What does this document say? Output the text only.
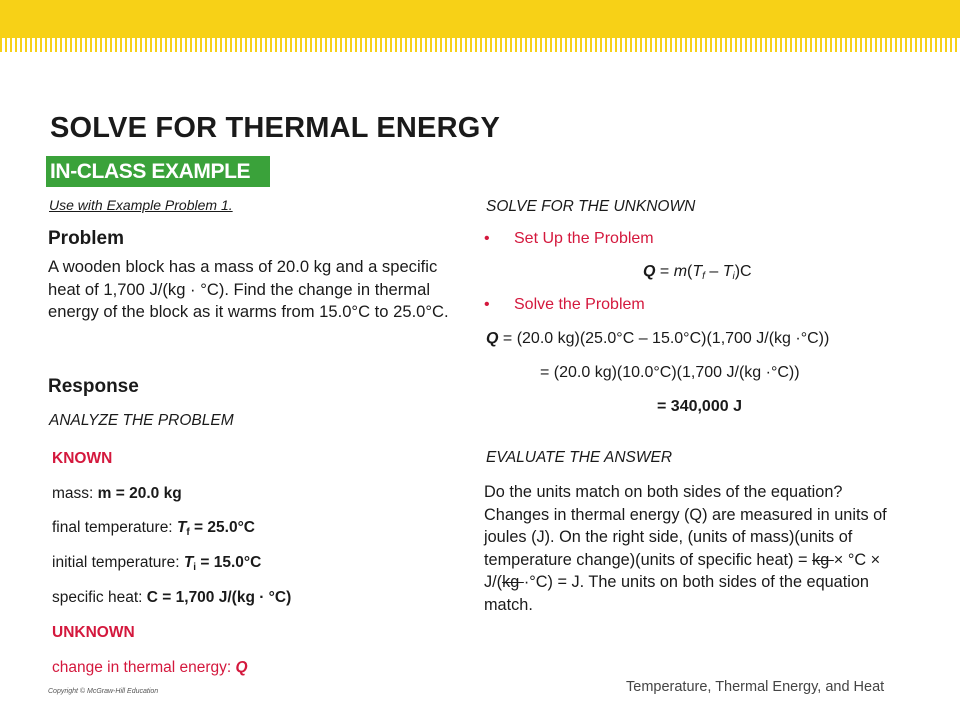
SOLVE FOR THERMAL ENERGY
IN-CLASS EXAMPLE
Use with Example Problem 1.
Problem
A wooden block has a mass of 20.0 kg and a specific heat of 1,700 J/(kg · °C). Find the change in thermal energy of the block as it warms from 15.0°C to 25.0°C.
Response
ANALYZE THE PROBLEM
KNOWN
mass: m = 20.0 kg
final temperature: $T_f = 25.0^\circ C$
initial temperature: $T_i = 15.0^\circ C$
specific heat: C = 1,700 J/(kg · °C)
UNKNOWN
change in thermal energy: Q
SOLVE FOR THE UNKNOWN
• Set Up the Problem
$Q = m(T_f - T_i)C$
• Solve the Problem
Q = (20.0 kg)(25.0°C – 15.0°C)(1,700 J/(kg ·°C))
= (20.0 kg)(10.0°C)(1,700 J/(kg ·°C))
= 340,000 J
EVALUATE THE ANSWER
Do the units match on both sides of the equation? Changes in thermal energy (Q) are measured in units of joules (J). On the right side, (units of mass)(units of temperature change)(units of specific heat) = kg × °C × J/(kg ·°C) = J. The units on both sides of the equation match.
Copyright © McGraw-Hill Education	Temperature, Thermal Energy, and Heat
